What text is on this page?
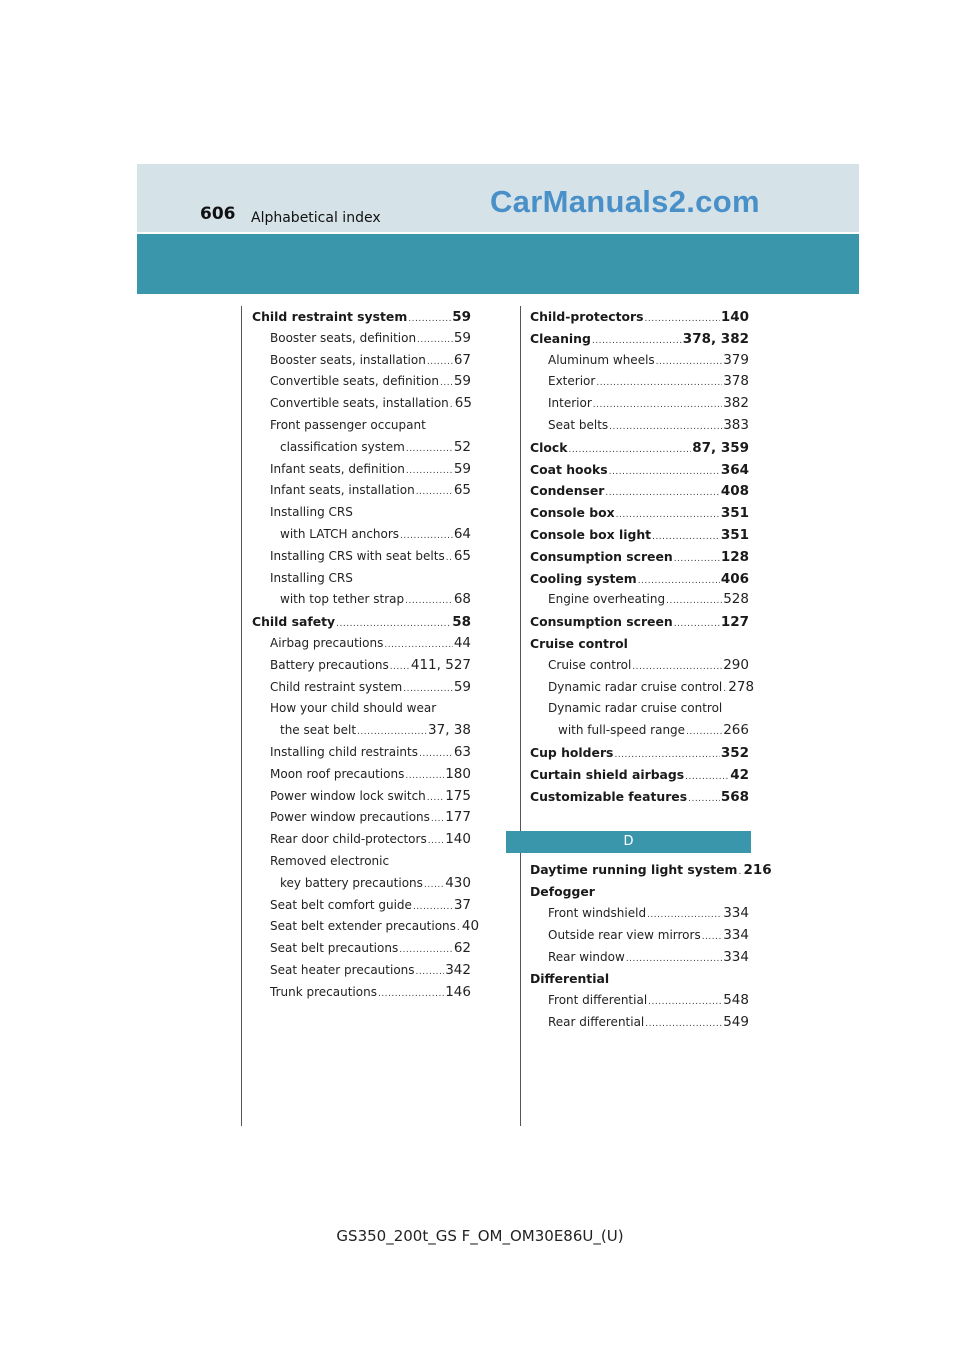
606 Alphabetical index	CarManuals2.com
Child restraint system .....	59
Booster seats, definition .....	59
Booster seats, installation ..... 67
Convertible seats, definition ..... 59
Convertible seats, installation ..... 65
Front passenger occupant
classification system .....	52
Infant seats, definition .....	59
Infant seats, installation .....	65
Installing CRS
with LATCH anchors .....	64
Installing CRS with seat belts ..... 65
Installing CRS
with top tether strap .....	68
Child safety .....	58
Airbag precautions .....	44
Battery precautions ..... 411, 527
Child restraint system .....	59
How your child should wear
the seat belt .....	37, 38
Installing child restraints .....	63
Moon roof precautions .....	180
Power window lock switch ..... 175
Power window precautions ..... 177
Rear door child-protectors ..... 140
Removed electronic
key battery precautions ..... 430
Seat belt comfort guide .....	37
Seat belt extender precautions ..... 40
Seat belt precautions .....	62
Seat heater precautions ..... 342
Trunk precautions .....	146
Child-protectors .....	140
Cleaning .....	378, 382
Aluminum wheels .....	379
Exterior .....	378
Interior .....	382
Seat belts .....	383
Clock .....	87, 359
Coat hooks .....	364
Condenser .....	408
Console box .....	351
Console box light .....	351
Consumption screen .....	128
Cooling system .....	406
Engine overheating .....	528
Consumption screen .....	127
Cruise control
Cruise control .....	290
Dynamic radar cruise control ..... 278
Dynamic radar cruise control
with full-speed range .....	266
Cup holders .....	352
Curtain shield airbags .....	42
Customizable features ..... 568
D
Daytime running light system ..... 216
Defogger
Front windshield .....	334
Outside rear view mirrors ..... 334
Rear window .....	334
Differential
Front differential .....	548
Rear differential .....	549
GS350_200t_GS F_OM_OM30E86U_(U)
